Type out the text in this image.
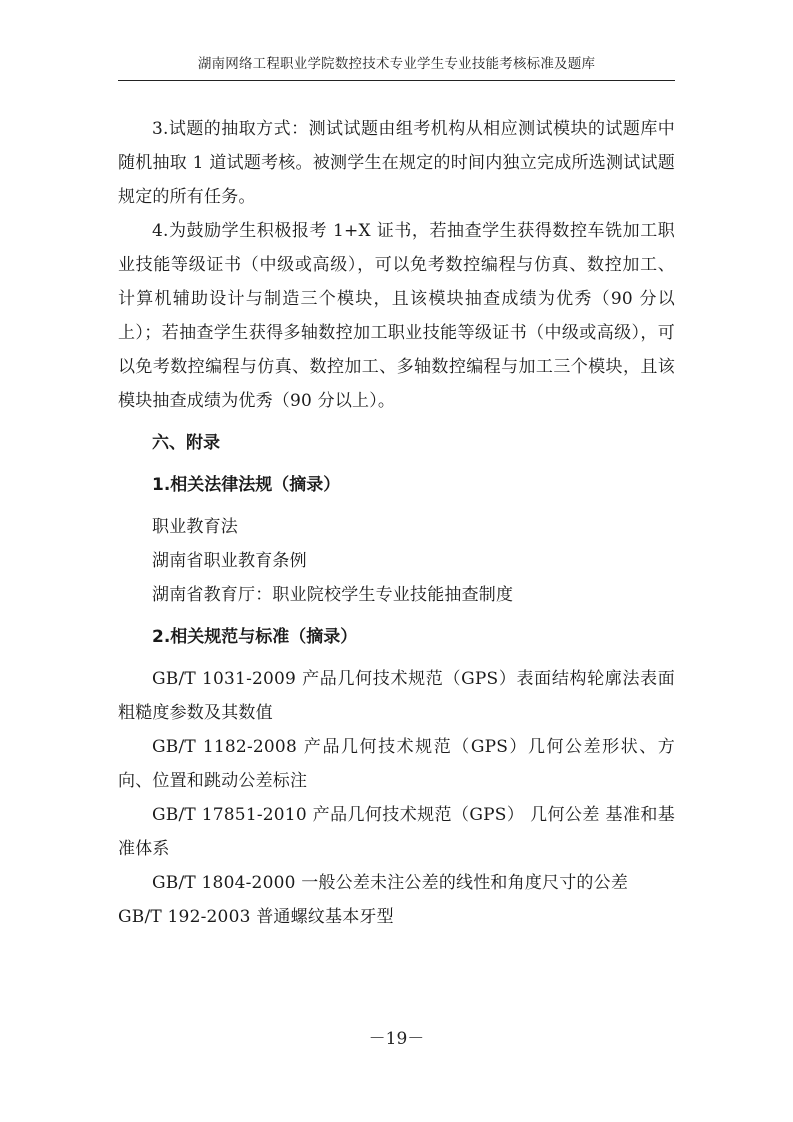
湖南网络工程职业学院数控技术专业学生专业技能考核标准及题库

3.试题的抽取方式：测试试题由组考机构从相应测试模块的试题库中随机抽取 1 道试题考核。被测学生在规定的时间内独立完成所选测试试题规定的所有任务。

4.为鼓励学生积极报考 1+X 证书，若抽查学生获得数控车铣加工职业技能等级证书（中级或高级），可以免考数控编程与仿真、数控加工、计算机辅助设计与制造三个模块，且该模块抽查成绩为优秀（90 分以上）；若抽查学生获得多轴数控加工职业技能等级证书（中级或高级），可以免考数控编程与仿真、数控加工、多轴数控编程与加工三个模块，且该模块抽查成绩为优秀（90 分以上）。

六、附录

1.相关法律法规（摘录）

职业教育法

湖南省职业教育条例

湖南省教育厅：职业院校学生专业技能抽查制度

2.相关规范与标准（摘录）

GB/T 1031-2009 产品几何技术规范（GPS）表面结构轮廓法表面粗糙度参数及其数值

GB/T 1182-2008 产品几何技术规范（GPS）几何公差形状、方向、位置和跳动公差标注

GB/T 17851-2010 产品几何技术规范（GPS） 几何公差 基准和基准体系

GB/T 1804-2000 一般公差未注公差的线性和角度尺寸的公差

GB/T 192-2003 普通螺纹基本牙型

－19－
